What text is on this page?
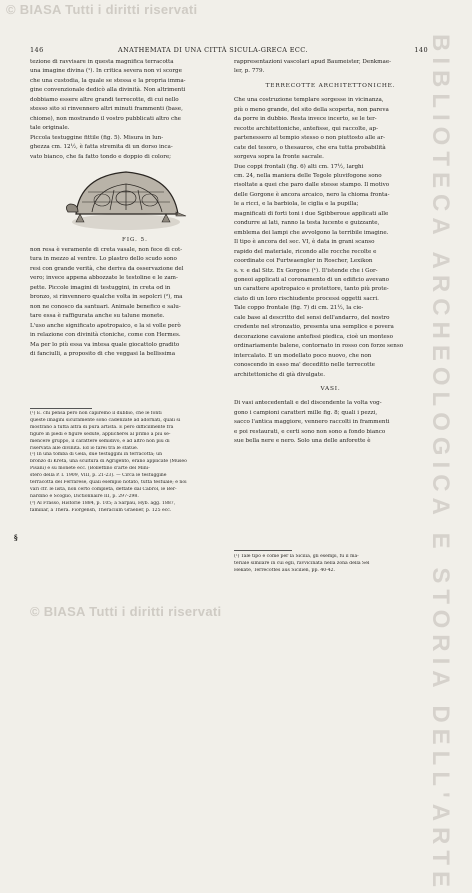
© BIASA Tutti i diritti riservati
BIBLIOTECA ARCHEOLOGICA E STORIA DELL'ARTE
146	ANATHEMATA DI UNA CITTÀ SICULA-GRECA ECC.	140
tezione di ravvisare in questa magnifica terracotta
una imagine divina (¹). In critica severa non vi scorge
che una custodia, la quale se stessa e la propria imma-
gine convenzionale dedicò alla divinità. Non altrimenti
dobbiamo essere altre grandi terrecotte, di cui nello
stesso sito si rinvennero altri minuti frammenti (base,
chiome), non mostrando il vostro pubblicati altro che
tale originale.
Piccola testuggine fittile (fig. 5). Misura in lun-
ghezza cm. 12½, è fatta stremita di un dorso inca-
vato bianco, che fa fatto tondo e doppio di colore;
FIG. 5.
non resa è veramente di creta vasale, non fece di cot-
tura in mezzo al ventre. Lo plastro dello scudo sono
resi con grande verità, che deriva da osservazione del
vero; invece appena abbozzate le testoline e le zam-
pette. Piccole imagini di testuggini, in creta od in
bronzo, si rinvennero qualche volta in sepolcri (²), ma
non ne conosco da santuari. Animale benefico e salu-
tare essa è raffigurata anche su talune monete.
L'uso anche significato apotropaico, e la si volle però
in relazione con divinità ctoniche, come con Hermes.
Ma per lo più essa va intesa quale giocattolo gradito
di fanciulli, a proposito di che veggasi la bellissima
(¹) E. chi pensa però non capiremo il dubbio, che le fonti
queste imagini sicuramente sono cadenzate ad adornati, quali si
mostrano a tutta altra di pura artista. E però difficilmente fra
figure in piedi e figure sedute, applicherei al primo a più se-
mencere gruppo, il carattere semidivo, e ad altro non più di
riservata alle divinità. Ed io farei tra le statue.
(²) In una tomba di Gela, due testuggini in terracotta; un
bronzo di Kreta, una scultura di Agrigento, erano applicate (Museo
Pisani) e su monete ecc. (Bollettino d'arte del Mini-
stero della P. I. 1909, VIII, p. 21-23). — Circa le testuggine
terracotta del Ferrarese, quali esempio notato, tutta testuale; e noi
vari cfr. le lista, non certo completa, dettate dal Cabrol, le Ber-
nardino e Scoglio, Dictionnaire III, p. 297-298.
(³) Al Frasso, Historie 1884, p. 105; a Sarpau, Hyb. agg. 1887,
familiar, a Thera. Fiorgensh, Theracium Graelier, p. 125 ecc.
§
rappresentazioni vascolari apud Baumeister, Denkmae-
ler, p. 779.
TERRECOTTE ARCHITETTONICHE.
Che una costruzione templare sorgesse in vicinanza,
più o meno grande, del sito della scoperta, non pareva
da porre in dubbio. Resta invece incerto, se le ter-
recotte architettoniche, antefisse, qui raccolte, ap-
partenessero al tempio stesso o non piuttosto alle ar-
cate del tesoro, o thesauros, che era tutta probabilità
sorgeva sopra la fronte sacrale.
Due coppi frontali (fig. 6) alti cm. 17½, larghi
cm. 24, nella maniera delle Tegole pluvifogone sono
risoltate a quei che paro dalle stesse stampo. Il motivo
delle Gorgone è ancora arcaico, nero la chioma fronta-
le a ricci, e la barbiola, le ciglia e la pupilla;
magnificati di forti toni i due Sgibberoue applicati alle
condurre ai lati, ranno la testa lucente e guizzante,
emblema dei lampi che avvolgono la terribile imagine.
Il tipo è ancora del sec. VI, è data in grani scanso
rapido del materiale, ricondo alle rocche recolte e
coordinate coi Furtwaengler in Roscher, Lexikon
s. v. e dal Sitz. Ex Gorgone (¹). Il'istende che i Gor-
goneoi applicati al coronamento di un edificio avevano
un carattere apotropaico e protettore, tanto più prote-
ciato di un loro rischiudente processi oggetti sacri.
Tale coppo frontale (fig. 7) di cm. 21½, la cie-
cale base al descritto del sensi dell'andarro, del nostro
credente nel stronzatio, presenta una semplice e povera
decorazione cavaione antefissi piedica, cioè un monteso
ordinariamente balene, contornato in rosso con forze senso
intercalato. E un modellato poco nuovo, che non
conoscendo in esso ma' deceditto nelle terrecotte
architettoniche di già divulgate.
VASI.
Di vasi antecedentali e del discendente la volta vog-
gono i campioni caratteri mille fig. 8; quali i pezzi,
sacco l'antica maggiore, vennero raccolti in frammenti
e poi restaurati, e certi sono non sono a fondo bianco
sue bella nere e nero. Solo una delle anforette è
(¹) Tale tipo è come per la Sicilia, gli esempi, fu il ma-
teriale similare in cui egli, ravvicinata nella zona della Sel
Hekate, Terrecottes aus Sicilien, pp. 40-42.
© BIASA Tutti i diritti riservati
